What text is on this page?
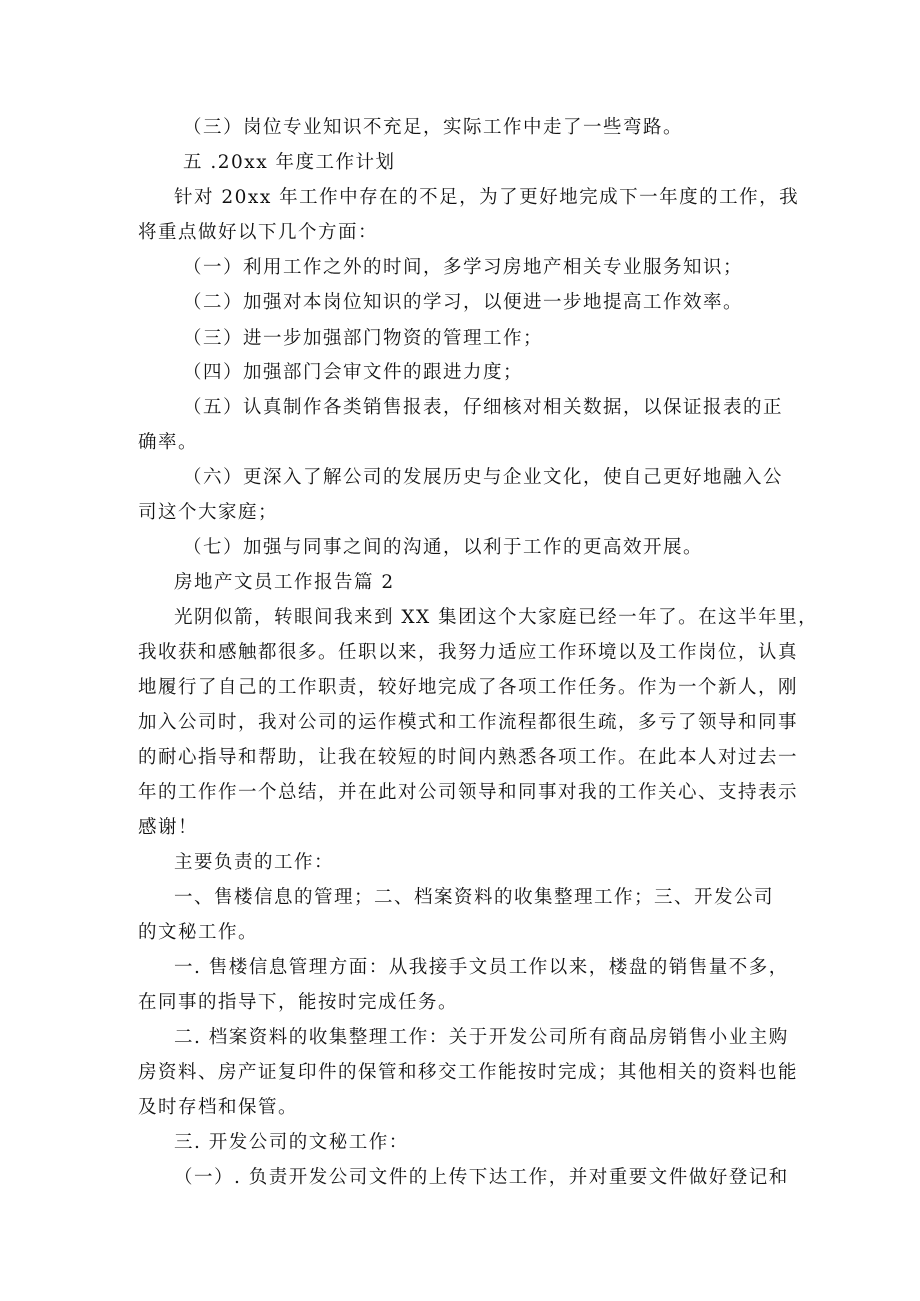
（三）岗位专业知识不充足，实际工作中走了一些弯路。
五 .20xx 年度工作计划
针对 20xx 年工作中存在的不足，为了更好地完成下一年度的工作，我
将重点做好以下几个方面：
（一）利用工作之外的时间，多学习房地产相关专业服务知识；
（二）加强对本岗位知识的学习，以便进一步地提高工作效率。
（三）进一步加强部门物资的管理工作；
（四）加强部门会审文件的跟进力度；
（五）认真制作各类销售报表，仔细核对相关数据，以保证报表的正
确率。
（六）更深入了解公司的发展历史与企业文化，使自己更好地融入公
司这个大家庭；
（七）加强与同事之间的沟通，以利于工作的更高效开展。
房地产文员工作报告篇 2
光阴似箭，转眼间我来到 XX 集团这个大家庭已经一年了。在这半年里，
我收获和感触都很多。任职以来，我努力适应工作环境以及工作岗位，认真
地履行了自己的工作职责，较好地完成了各项工作任务。作为一个新人，刚
加入公司时，我对公司的运作模式和工作流程都很生疏，多亏了领导和同事
的耐心指导和帮助，让我在较短的时间内熟悉各项工作。在此本人对过去一
年的工作作一个总结，并在此对公司领导和同事对我的工作关心、支持表示
感谢！
主要负责的工作：
一、售楼信息的管理；二、档案资料的收集整理工作；三、开发公司
的文秘工作。
一. 售楼信息管理方面：从我接手文员工作以来，楼盘的销售量不多，
在同事的指导下，能按时完成任务。
二. 档案资料的收集整理工作：关于开发公司所有商品房销售小业主购
房资料、房产证复印件的保管和移交工作能按时完成；其他相关的资料也能
及时存档和保管。
三. 开发公司的文秘工作：
（一）. 负责开发公司文件的上传下达工作，并对重要文件做好登记和
